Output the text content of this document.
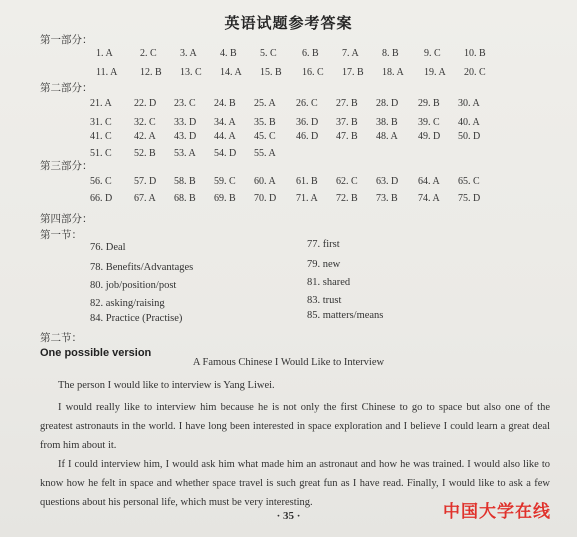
英语试题参考答案
第一部分：
第二部分：
第三部分：
第四部分：
第一节：
第二节：
1. A	2. C 3. A 4. B 5. C	6. B 7. A 8. B	9. C 10. B
11. A 12. B 13. C 14. A 15. B 16. C 17. B 18. A 19. A 20. C
21. A 22. D 23. C 24. B 25. A 26. C 27. B 28. D 29. B 30. A
31. C 32. C 33. D 34. A 35. B 36. D 37. B 38. B 39. C 40. A
41. C 42. A 43. D 44. A 45. C 46. D 47. B 48. A 49. D 50. D
51. C 52. B 53. A 54. D 55. A
56. C 57. D 58. B 59. C 60. A 61. B 62. C 63. D 64. A 65. C
66. D 67. A 68. B 69. B 70. D 71. A 72. B 73. B 74. A 75. D
76. Deal	77. first
78. Benefits/Advantages	79. new
80. job/position/post	81. shared
82. asking/raising	83. trust
84. Practice (Practise)	85. matters/means
One possible version
A Famous Chinese I Would Like to Interview
The person I would like to interview is Yang Liwei.
I would really like to interview him because he is not only the first Chinese to go to space but also one of the greatest astronauts in the world. I have long been interested in space exploration and I believe I could learn a great deal from him about it.
If I could interview him, I would ask him what made him an astronaut and how he was trained. I would also like to know how he felt in space and whether space travel is such great fun as I have read. Finally, I would like to ask a few questions about his personal life, which must be very interesting.	中国大学在线
· 35 ·
